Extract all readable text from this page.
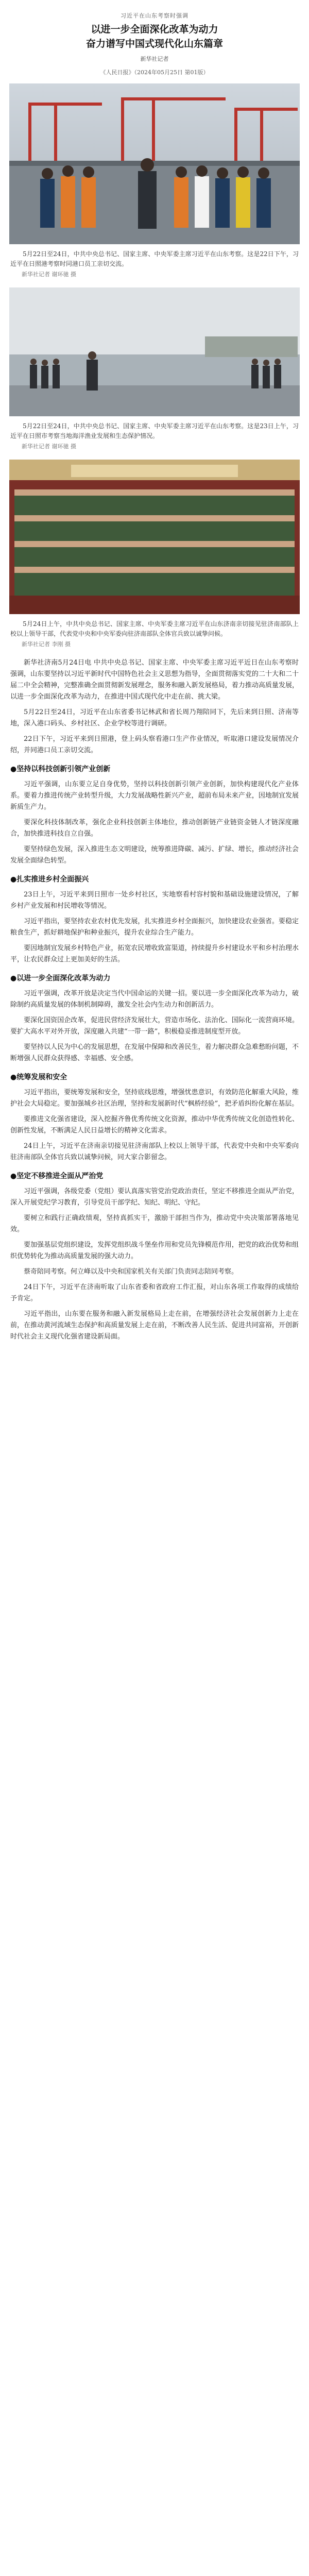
习近平在山东考察时强调
以进一步全面深化改革为动力
奋力谱写中国式现代化山东篇章
新华社记者
《人民日报》（2024年05月25日 第01版）
5月22日至24日，中共中央总书记、国家主席、中央军委主席习近平在山东考察。这是22日下午，习近平在日照港考察时同港口员工亲切交流。
新华社记者 谢环驰 摄
5月22日至24日，中共中央总书记、国家主席、中央军委主席习近平在山东考察。这是23日上午，习近平在日照市考察当地海洋渔业发展和生态保护情况。
新华社记者 谢环驰 摄
5月24日上午，中共中央总书记、国家主席、中央军委主席习近平在山东济南亲切接见驻济南部队上校以上领导干部，代表党中央和中央军委向驻济南部队全体官兵致以诚挚问候。
新华社记者 李刚 摄

新华社济南5月24日电 中共中央总书记、国家主席、中央军委主席习近平近日在山东考察时强调，山东要坚持以习近平新时代中国特色社会主义思想为指导，全面贯彻落实党的二十大和二十届二中全会精神，完整准确全面贯彻新发展理念，服务和融入新发展格局，着力推动高质量发展，以进一步全面深化改革为动力，在推进中国式现代化中走在前、挑大梁。

5月22日至24日，习近平在山东省委书记林武和省长周乃翔陪同下，先后来到日照、济南等地，深入港口码头、乡村社区、企业学校等进行调研。

22日下午，习近平来到日照港，登上码头察看港口生产作业情况，听取港口建设发展情况介绍，并同港口员工亲切交流。

●坚持以科技创新引领产业创新

习近平强调，山东要立足自身优势，坚持以科技创新引领产业创新，加快构建现代化产业体系。要着力推进传统产业转型升级，大力发展战略性新兴产业，超前布局未来产业，因地制宜发展新质生产力。

要深化科技体制改革，强化企业科技创新主体地位，推动创新链产业链资金链人才链深度融合，加快推进科技自立自强。

要坚持绿色发展，深入推进生态文明建设，统筹推进降碳、减污、扩绿、增长，推动经济社会发展全面绿色转型。

●扎实推进乡村全面振兴

23日上午，习近平来到日照市一处乡村社区，实地察看村容村貌和基础设施建设情况，了解乡村产业发展和村民增收等情况。

习近平指出，要坚持农业农村优先发展，扎实推进乡村全面振兴，加快建设农业强省。要稳定粮食生产，抓好耕地保护和种业振兴，提升农业综合生产能力。

要因地制宜发展乡村特色产业，拓宽农民增收致富渠道，持续提升乡村建设水平和乡村治理水平，让农民群众过上更加美好的生活。

●以进一步全面深化改革为动力

习近平强调，改革开放是决定当代中国命运的关键一招。要以进一步全面深化改革为动力，破除制约高质量发展的体制机制障碍，激发全社会内生动力和创新活力。

要深化国资国企改革，促进民营经济发展壮大，营造市场化、法治化、国际化一流营商环境。要扩大高水平对外开放，深度融入共建“一带一路”，积极稳妥推进制度型开放。

要坚持以人民为中心的发展思想，在发展中保障和改善民生，着力解决群众急难愁盼问题，不断增强人民群众获得感、幸福感、安全感。

●统筹发展和安全

习近平指出，要统筹发展和安全，坚持底线思维，增强忧患意识，有效防范化解重大风险，维护社会大局稳定。要加强城乡社区治理，坚持和发展新时代“枫桥经验”，把矛盾纠纷化解在基层。

要推进文化强省建设，深入挖掘齐鲁优秀传统文化资源，推动中华优秀传统文化创造性转化、创新性发展，不断满足人民日益增长的精神文化需求。

24日上午，习近平在济南亲切接见驻济南部队上校以上领导干部，代表党中央和中央军委向驻济南部队全体官兵致以诚挚问候，同大家合影留念。

●坚定不移推进全面从严治党

习近平强调，各级党委（党组）要认真落实管党治党政治责任，坚定不移推进全面从严治党，深入开展党纪学习教育，引导党员干部学纪、知纪、明纪、守纪。

要树立和践行正确政绩观，坚持真抓实干，激励干部担当作为，推动党中央决策部署落地见效。

要加强基层党组织建设，发挥党组织战斗堡垒作用和党员先锋模范作用，把党的政治优势和组织优势转化为推动高质量发展的强大动力。

蔡奇陪同考察。何立峰以及中央和国家机关有关部门负责同志陪同考察。

24日下午，习近平在济南听取了山东省委和省政府工作汇报，对山东各项工作取得的成绩给予肯定。

习近平指出，山东要在服务和融入新发展格局上走在前，在增强经济社会发展创新力上走在前，在推动黄河流域生态保护和高质量发展上走在前，不断改善人民生活、促进共同富裕，开创新时代社会主义现代化强省建设新局面。
